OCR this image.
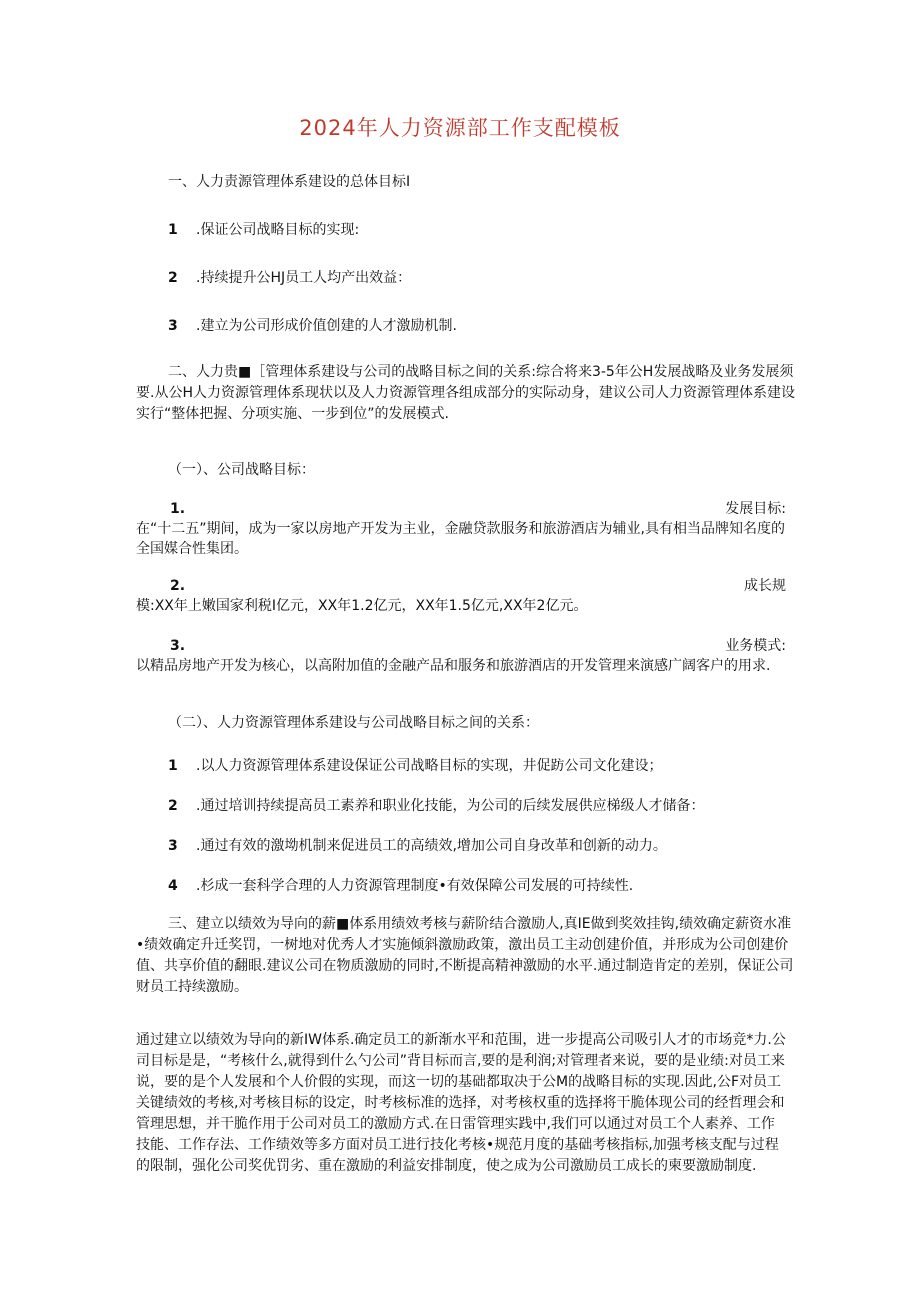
2024年人力资源部工作支配模板
一、人力责源管理体系建设的总体目标I
1 .保证公司战略目标的实现:
2 .持续提升公HJ员工人均产出效益：
3 .建立为公司形成价值创建的人才激励机制.
二、人力贵■［管理体系建设与公司的战略目标之间的关系:综合将来3-5年公H发展战略及业务发展须要.从公H人力资源管理体系现状以及人力资源管理各组成部分的实际动身，建议公司人力资源管理体系建设实行“整体把握、分项实施、一步到位”的发展模式.
（一）、公司战略目标：
1.	发展目标:
在“十二五”期间，成为一家以房地产开发为主业，金融贷款服务和旅游酒店为辅业,具有相当品牌知名度的全国媒合性集团。
2.	成长规
模:XX年上嫩国家利税I亿元，XX年1.2亿元，XX年1.5亿元,XX年2亿元。
3.	业务模式:
以精品房地产开发为核心，以高附加值的金融产品和服务和旅游酒店的开发管理来演感广阔客户的用求.
（二）、人力资源管理体系建设与公司战略目标之间的关系：
1 .以人力资源管理体系建设保证公司战略目标的实现，井促趽公司文化建设；
2 .通过培训持续提高员工素养和职业化技能，为公司的后续发展供应梯级人才储备：
3 .通过有效的激坳机制来促进员工的高绩效,增加公司自身改革和创新的动力。
4 .杉成一套科学合理的人力资源管理制度•有效保障公司发展的可持续性.
三、建立以绩效为导向的薪■体系用绩效考核与薪阶结合激励人,真IE做到奖效挂钩,绩效确定薪资水准•绩效确定升迁奖罚，一树地对优秀人才实施倾斜激励政策，激出员工主动创建价值，并形成为公司创建价值、共享价值的翻眼.建议公司在物质激励的同时,不断提高精神激励的水平.通过制造肯定的差别，保证公司财员工持续激励。
通过建立以绩效为导向的新IW体系.确定员工的新渐水平和范围，进一步提高公司吸引人才的市场竞*力.公司目标是是，“考核什么,就得到什么勺公司”背目标而言,要的是利润;对管理者来说，要的是业绩:对员工来说，要的是个人发展和个人价假的实现，而这一切的基础都取决于公M的战略目标的实现.因此,公F对员工关键绩效的考核,对考核目标的设定，时考核标准的选择，对考核权重的选择将干脆体现公司的经哲理会和管理思想，并干脆作用于公司对员工的激励方式.在日雷管理实践中,我们可以通过对员工个人素养、工作技能、工作存法、工作绩效等多方面对员工进行技化考核•规范月度的基础考核指标,加强考核支配与过程的限制，强化公司奖优罚劣、重在激励的利益安排制度，使之成为公司激励员工成长的柬要激励制度.
